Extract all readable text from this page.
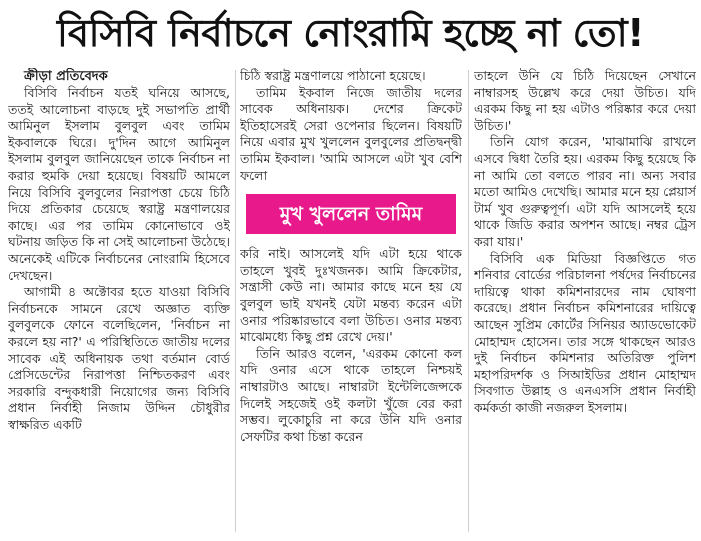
বিসিবি নির্বাচনে নোংরামি হচ্ছে না তো!

ক্রীড়া প্রতিবেদক

বিসিবি নির্বাচন যতই ঘনিয়ে আসছে, ততই আলোচনা বাড়ছে দুই সভাপতি প্রার্থী আমিনুল ইসলাম বুলবুল এবং তামিম ইকবালকে ঘিরে। দু'দিন আগে আমিনুল ইসলাম বুলবুল জানিয়েছেন তাকে নির্বাচন না করার হুমকি দেয়া হয়েছে। বিষয়টি আমলে নিয়ে বিসিবি বুলবুলের নিরাপত্তা চেয়ে চিঠি দিয়ে প্রতিকার চেয়েছে স্বরাষ্ট্র মন্ত্রণালয়ের কাছে। এর পর তামিম কোনোভাবে ওই ঘটনায় জড়িত কি না সেই আলোচনা উঠেছে। অনেকেই এটিকে নির্বাচনের নোংরামি হিসেবে দেখছেন।

আগামী ৪ অক্টোবর হতে যাওয়া বিসিবি নির্বাচনকে সামনে রেখে অজ্ঞাত ব্যক্তি বুলবুলকে ফোনে বলেছিলেন, 'নির্বাচন না করলে হয় না?' এ পরিস্থিতিতে জাতীয় দলের সাবেক এই অধিনায়ক তথা বর্তমান বোর্ড প্রেসিডেন্টের নিরাপত্তা নিশ্চিতকরণ এবং সরকারি বন্দুকধারী নিয়োগের জন্য বিসিবি প্রধান নির্বাহী নিজাম উদ্দিন চৌধুরীর স্বাক্ষরিত একটি

চিঠি স্বরাষ্ট্র মন্ত্রণালয়ে পাঠানো হয়েছে।

তামিম ইকবাল নিজে জাতীয় দলের সাবেক অধিনায়ক। দেশের ক্রিকেট ইতিহাসেরই সেরা ওপেনার ছিলেন। বিষয়টি নিয়ে এবার মুখ খুললেন বুলবুলের প্রতিদ্বন্দ্বী তামিম ইকবাল। 'আমি আসলে এটা খুব বেশি ফলো

মুখ খুললেন তামিম

করি নাই। আসলেই যদি এটা হয়ে থাকে তাহলে খুবই দুঃখজনক। আমি ক্রিকেটার, সন্ত্রাসী কেউ না। আমার কাছে মনে হয় যে বুলবুল ভাই যখনই যেটা মন্তব্য করেন এটা ওনার পরিষ্কারভাবে বলা উচিত। ওনার মন্তব্য মাঝেমধ্যে কিছু প্রশ্ন রেখে দেয়।'

তিনি আরও বলেন, 'এরকম কোনো কল যদি ওনার এসে থাকে তাহলে নিশ্চয়ই নাম্বারটাও আছে। নাম্বারটা ইন্টেলিজেন্সকে দিলেই সহজেই ওই কলটা খুঁজে বের করা সম্ভব। লুকোচুরি না করে উনি যদি ওনার সেফটির কথা চিন্তা করেন

তাহলে উনি যে চিঠি দিয়েছেন সেখানে নাম্বারসহ উল্লেখ করে দেয়া উচিত। যদি এরকম কিছু না হয় এটাও পরিষ্কার করে দেয়া উচিত।'

তিনি যোগ করেন, 'মাঝামাঝি রাখলে এসবে দ্বিধা তৈরি হয়। এরকম কিছু হয়েছে কি না আমি তো বলতে পারব না। অন্য সবার মতো আমিও দেখেছি। আমার মনে হয় প্লেয়ার্স টার্ম খুব গুরুত্বপূর্ণ। এটা যদি আসলেই হয়ে থাকে জিডি করার অপশন আছে। নম্বর ট্রেস করা যায়।'

বিসিবি এক মিডিয়া বিজ্ঞপ্তিতে গত শনিবার বোর্ডের পরিচালনা পর্ষদের নির্বাচনের দায়িত্বে থাকা কমিশনারদের নাম ঘোষণা করেছে। প্রধান নির্বাচন কমিশনারের দায়িত্বে আছেন সুপ্রিম কোর্টের সিনিয়র অ্যাডভোকেট মোহাম্মদ হোসেন। তার সঙ্গে থাকছেন আরও দুই নির্বাচন কমিশনার অতিরিক্ত পুলিশ মহাপরিদর্শক ও সিআইডির প্রধান মোহাম্মদ সিবগাত উল্লাহ ও এনএসসি প্রধান নির্বাহী কর্মকর্তা কাজী নজরুল ইসলাম।
